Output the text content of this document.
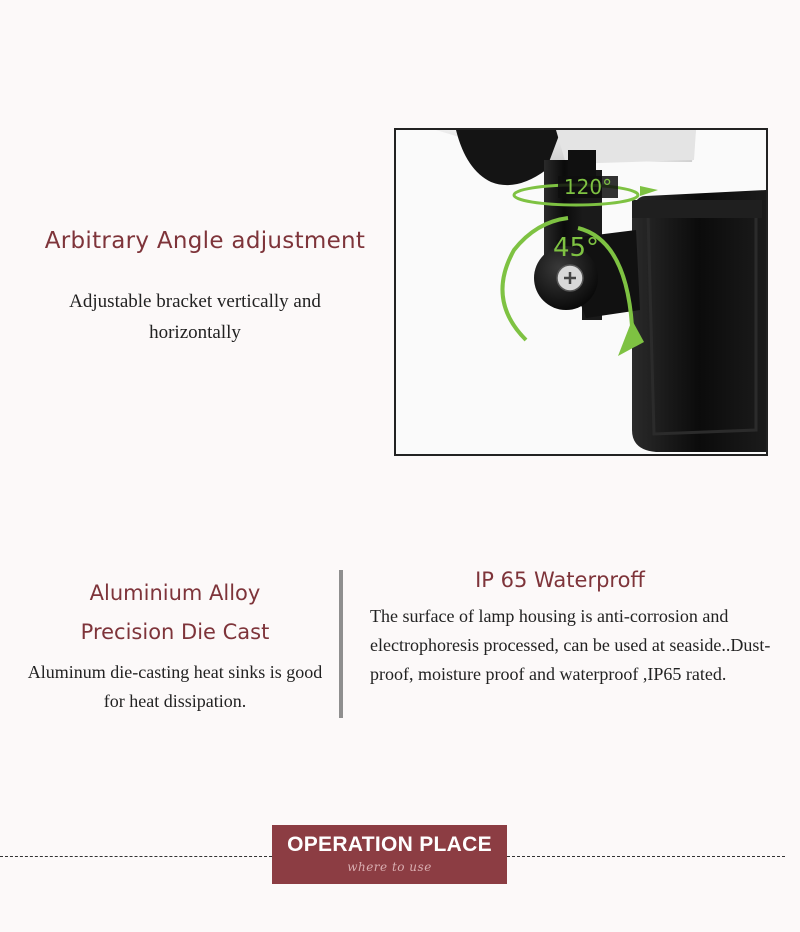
Arbitrary Angle adjustment
Adjustable bracket vertically and horizontally
120°
45°
Aluminium Alloy
Precision Die Cast
Aluminum die-casting heat sinks is good for heat dissipation.
IP 65 Waterproff
The surface of lamp housing is anti-corrosion and electrophoresis processed, can be used at seaside..Dust-proof, moisture proof and waterproof ,IP65 rated.
OPERATION PLACE
where to use
